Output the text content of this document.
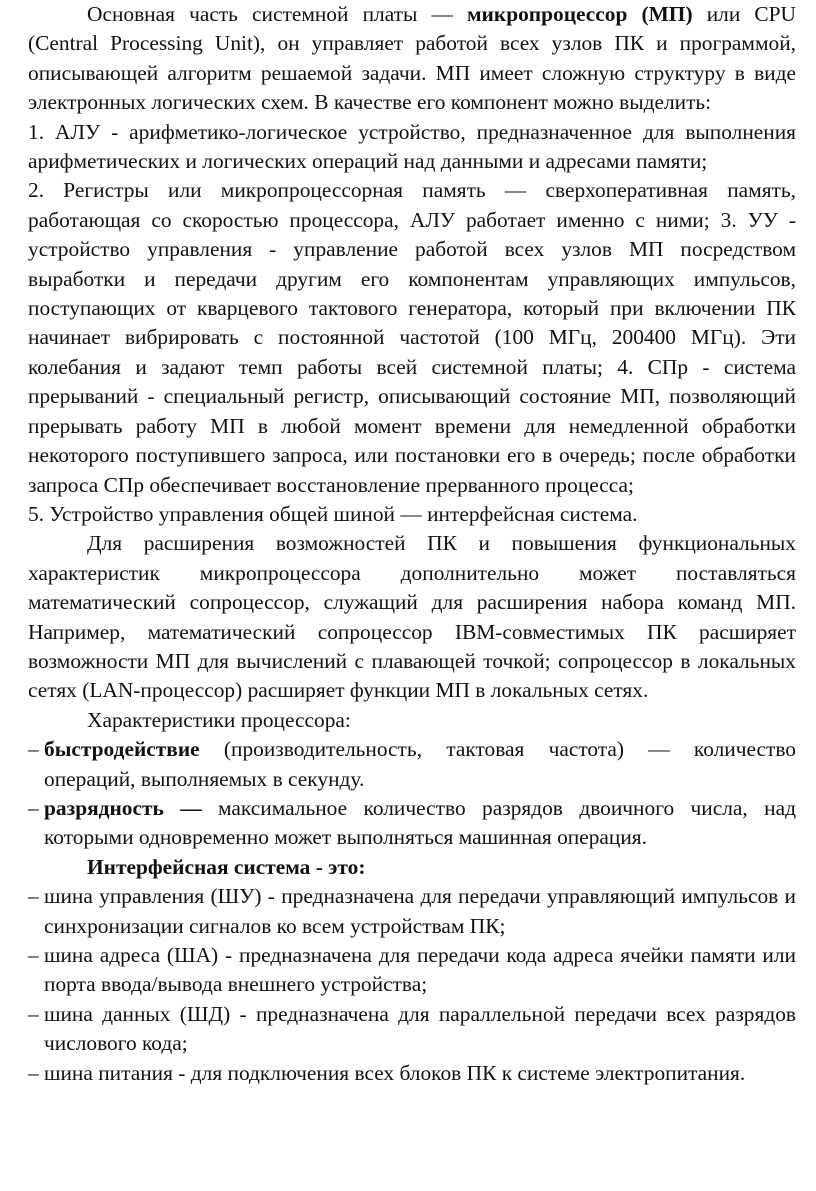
Основная часть системной платы — микропроцессор (МП) или CPU (Central Processing Unit), он управляет работой всех узлов ПК и программой, описывающей алгоритм решаемой задачи. МП имеет сложную структуру в виде электронных логических схем. В качестве его компонент можно выделить:

1. АЛУ - арифметико-логическое устройство, предназначенное для выполнения арифметических и логических операций над данными и адресами памяти;

2. Регистры или микропроцессорная память — сверхоперативная память, работающая со скоростью процессора, АЛУ работает именно с ними; 3. УУ - устройство управления - управление работой всех узлов МП посредством выработки и передачи другим его компонентам управляющих импульсов, поступающих от кварцевого тактового генератора, который при включении ПК начинает вибрировать с постоянной частотой (100 МГц, 200400 МГц). Эти колебания и задают темп работы всей системной платы; 4. СПр - система прерываний - специальный регистр, описывающий состояние МП, позволяющий прерывать работу МП в любой момент времени для немедленной обработки некоторого поступившего запроса, или постановки его в очередь; после обработки запроса СПр обеспечивает восстановление прерванного процесса;

5. Устройство управления общей шиной — интерфейсная система.

Для расширения возможностей ПК и повышения функциональных характеристик микропроцессора дополнительно может поставляться математический сопроцессор, служащий для расширения набора команд МП. Например, математический сопроцессор IBM-совместимых ПК расширяет возможности МП для вычислений с плавающей точкой; сопроцессор в локальных сетях (LAN-процессор) расширяет функции МП в локальных сетях.

Характеристики процессора:

– быстродействие (производительность, тактовая частота) — количество операций, выполняемых в секунду.

– разрядность — максимальное количество разрядов двоичного числа, над которыми одновременно может выполняться машинная операция.

Интерфейсная система - это:

– шина управления (ШУ) - предназначена для передачи управляющий импульсов и синхронизации сигналов ко всем устройствам ПК;

– шина адреса (ША) - предназначена для передачи кода адреса ячейки памяти или порта ввода/вывода внешнего устройства;

– шина данных (ШД) - предназначена для параллельной передачи всех разрядов числового кода;

– шина питания - для подключения всех блоков ПК к системе электропитания.
